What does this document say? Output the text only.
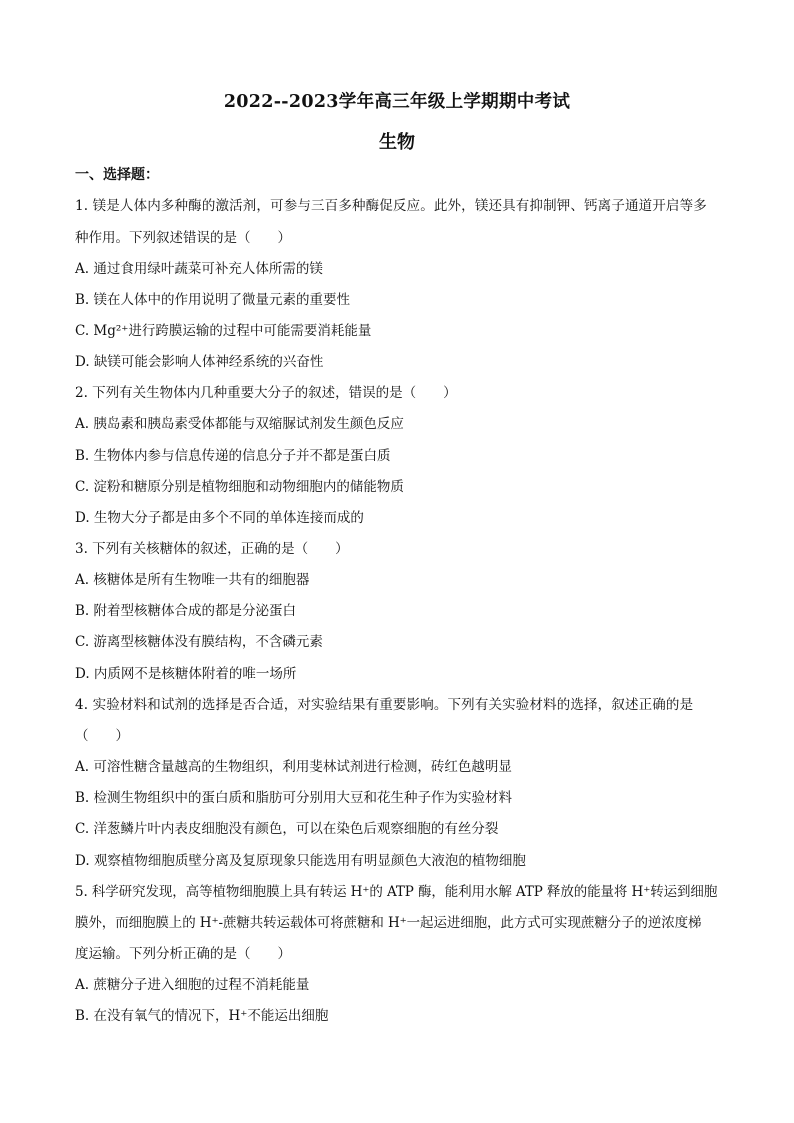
2022--2023学年高三年级上学期期中考试
生物
一、选择题：
1. 镁是人体内多种酶的激活剂，可参与三百多种酶促反应。此外，镁还具有抑制钾、钙离子通道开启等多
种作用。下列叙述错误的是（　　）
A. 通过食用绿叶蔬菜可补充人体所需的镁
B. 镁在人体中的作用说明了微量元素的重要性
C. Mg²⁺进行跨膜运输的过程中可能需要消耗能量
D. 缺镁可能会影响人体神经系统的兴奋性
2. 下列有关生物体内几种重要大分子的叙述，错误的是（　　）
A. 胰岛素和胰岛素受体都能与双缩脲试剂发生颜色反应
B. 生物体内参与信息传递的信息分子并不都是蛋白质
C. 淀粉和糖原分别是植物细胞和动物细胞内的储能物质
D. 生物大分子都是由多个不同的单体连接而成的
3. 下列有关核糖体的叙述，正确的是（　　）
A. 核糖体是所有生物唯一共有的细胞器
B. 附着型核糖体合成的都是分泌蛋白
C. 游离型核糖体没有膜结构，不含磷元素
D. 内质网不是核糖体附着的唯一场所
4. 实验材料和试剂的选择是否合适，对实验结果有重要影响。下列有关实验材料的选择，叙述正确的是
（　　）
A. 可溶性糖含量越高的生物组织，利用斐林试剂进行检测，砖红色越明显
B. 检测生物组织中的蛋白质和脂肪可分别用大豆和花生种子作为实验材料
C. 洋葱鳞片叶内表皮细胞没有颜色，可以在染色后观察细胞的有丝分裂
D. 观察植物细胞质壁分离及复原现象只能选用有明显颜色大液泡的植物细胞
5. 科学研究发现，高等植物细胞膜上具有转运 H⁺的 ATP 酶，能利用水解 ATP 释放的能量将 H⁺转运到细胞
膜外，而细胞膜上的 H⁺-蔗糖共转运载体可将蔗糖和 H⁺一起运进细胞，此方式可实现蔗糖分子的逆浓度梯
度运输。下列分析正确的是（　　）
A. 蔗糖分子进入细胞的过程不消耗能量
B. 在没有氧气的情况下，H⁺不能运出细胞
